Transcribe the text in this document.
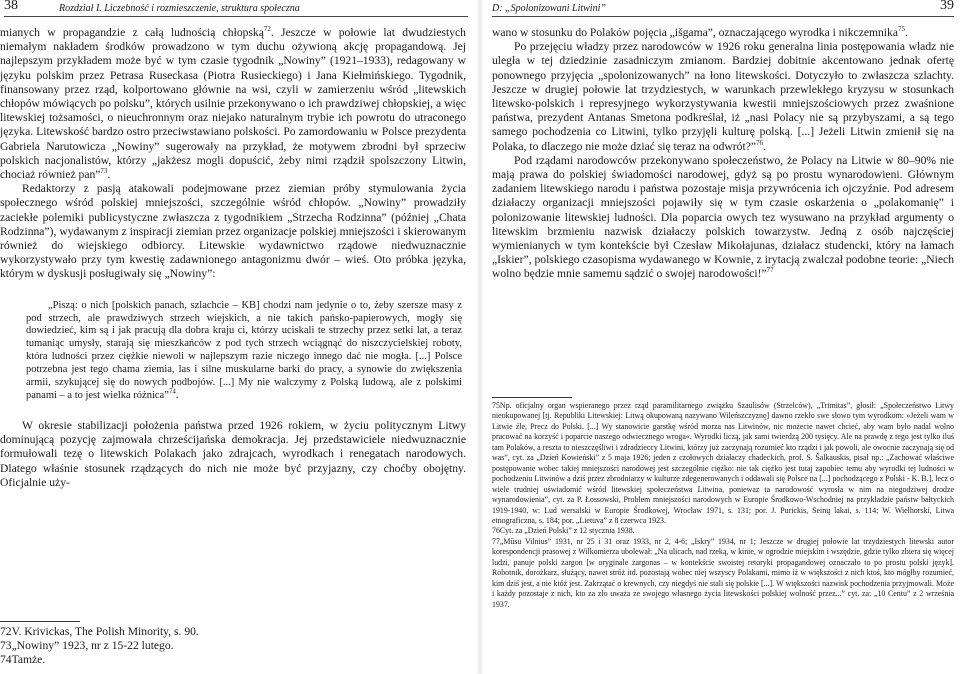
38	Rozdział I. Liczebność i rozmieszczenie, struktura społeczna

mianych w propagandzie z całą ludnością chłopską$^{72}$. Jeszcze w połowie lat dwudziestych niemałym nakładem środków prowadzono w tym duchu ożywioną akcję propagandową. Jej najlepszym przykładem może być w tym czasie tygodnik „Nowiny” (1921–1933), redagowany w języku polskim przez Petrasa Ruseckasa (Piotra Rusieckiego) i Jana Kiełmińskiego. Tygodnik, finansowany przez rząd, kolportowano głównie na wsi, czyli w zamierzeniu wśród „litewskich chłopów mówiących po polsku”, których usilnie przekonywano o ich prawdziwej chłopskiej, a więc litewskiej tożsamości, o nieuchronnym oraz niejako naturalnym trybie ich powrotu do utraconego języka. Litewskość bardzo ostro przeciwstawiano polskości. Po zamordowaniu w Polsce prezydenta Gabriela Narutowicza „Nowiny” sugerowały na przykład, że motywem zbrodni był sprzeciw polskich nacjonalistów, którzy „jakżesz mogli dopuścić, żeby nimi rządził spolszczony Litwin, chociaż również pan”$^{73}$.

Redaktorzy z pasją atakowali podejmowane przez ziemian próby stymulowania życia społecznego wśród polskiej mniejszości, szczególnie wśród chłopów. „Nowiny” prowadziły zaciekłe polemiki publicystyczne zwłaszcza z tygodnikiem „Strzecha Rodzinna” (później „Chata Rodzinna”), wydawanym z inspiracji ziemian przez organizacje polskiej mniejszości i skierowanym również do wiejskiego odbiorcy. Litewskie wydawnictwo rządowe niedwuznacznie wykorzystywało przy tym kwestię zadawnionego antagonizmu dwór – wieś. Oto próbka języka, którym w dyskusji posługiwały się „Nowiny”:

„Piszą: o nich [polskich panach, szlachcie – KB] chodzi nam jedynie o to, żeby szerszе masy z pod strzech, ale prawdziwych strzech wiejskich, a nie takich pańsko-papierowych, mogły się dowiedzieć, kim są i jak pracują dla dobra kraju ci, którzy uciskali te strzechy przez setki lat, a teraz tumaniąc umysły, starają się mieszkańców z pod tych strzech wciągnąć do niszczycielskiej roboty, która ludności przez ciężkie niewoli w najlepszym razie niczego innego dać nie mogła. [...] Polsce potrzebna jest tego chama ziemia, las i silne muskularne barki do pracy, a synowie do zwiększenia armii, szykującej się do nowych podbojów. [...] My nie walczymy z Polską ludową, ale z polskimi panami – a to jest wielka różnica”$^{74}$.

W okresie stabilizacji położenia państwa przed 1926 rokiem, w życiu politycznym Litwy dominującą pozycję zajmowała chrześcijańska demokracja. Jej przedstawiciele niedwuznacznie formułowali tezę o litewskich Polakach jako zdrajcach, wyrodkach i renegatach narodowych. Dlatego właśnie stosunek rządzących do nich nie może być przyjazny, czy choćby obojętny. Oficjalnie uży-

72V. Krivickas, The Polish Minority, s. 90.

73„Nowiny” 1923, nr z 15-22 lutego.

74Tamże.

D: „Spolonizowani Litwini”	39

wano w stosunku do Polaków pojęcia „išgama”, oznaczającego wyrodka i nikczemnika$^{75}$.

Po przejęciu władzy przez narodowców w 1926 roku generalna linia postępowania władz nie uległa w tej dziedzinie zasadniczym zmianom. Bardziej dobitnie akcentowano jednak ofertę ponownego przyjęcia „spolonizowanych” na łono litewskości. Dotyczyło to zwłaszcza szlachty. Jeszcze w drugiej połowie lat trzydziestych, w warunkach przewlekłego kryzysu w stosunkach litewsko-polskich i represyjnego wykorzystywania kwestii mniejszościowych przez zwaśnione państwa, prezydent Antanas Smetona podkreślał, iż „nasi Polacy nie są przybyszami, a są tego samego pochodzenia co Litwini, tylko przyjęli kulturę polską. [...] Jeżeli Litwin zmienił się na Polaka, to dlaczego nie może dziać się teraz na odwrót?”$^{76}$.

Pod rządami narodowców przekonywano społeczeństwo, że Polacy na Litwie w 80–90% nie mają prawa do polskiej świadomości narodowej, gdyż są po prostu wynarodowieni. Głównym zadaniem litewskiego narodu i państwa pozostaje misja przywrócenia ich ojczyźnie. Pod adresem działaczy organizacji mniejszości pojawiły się w tym czasie oskarżenia o „polakomanię” i polonizowanie litewskiej ludności. Dla poparcia owych tez wysuwano na przykład argumenty o litewskim brzmieniu nazwisk działaczy polskich towarzystw. Jedną z osób najczęściej wymienianych w tym kontekście był Czesław Mikołajunas, działacz studencki, który na łamach „Iskier”, polskiego czasopisma wydawanego w Kownie, z irytacją zwalczał podobne teorie: „Niech wolno będzie mnie samemu sądzić o swojej narodowości!”$^{77}$

75Np. oficjalny organ wspieranego przez rząd paramilitarnego związku Szaulisów (Strzelców), „Trimitas”, głosił: „Społeczeństwo Litwy nieokupowanej [tj. Republiki Litewskiej: Litwą okupowaną nazywano Wileńszczyznę] dawno rzekło swe słowo tym wyrodkom: »Jeżeli wam w Litwie źle, Precz do Polski. [...] Wy stanowicie garstkę wśród morza nas Litwinów, nic możecie nawet chcieć, aby wam było nadal wolno pracować na korzyść i poparcie naszego odwiecznego wroga«. Wyrodki liczą, jak sami twierdzą 200 tysięcy. Ale na prawdę z tego jest tylko iluś tam Polaków, a reszta to nieszczęśliwi i zdradzieccy Litwini, którzy już zaczynają rozumieć kto rządzi i jak powoli, ale owocnie zaczynają się od was”, cyt. za „Dzień Kowieński” z 5 maja 1926; jeden z czołowych działaczy chadeckich, prof. S. Šalkauskis, pisał np.: „Zachować właściwe postępowanie wobec takiej mniejszości narodowej jest szczególnie ciężko: nie tak ciężko jest tutaj zapobiec temu aby wyrodki tej ludności w pochodzeniu Litwinów a dziś przez zbrodniarzy w kulturze zdegenerowanych i oddawali się Polsce na [...] pochodzącego z Polski - K. B.], lecz o wiele trudniej uświadomić wśród litewskiej społeczeństwa Litwina, poniewaz ta narodowość wyrosła w nim na niegodziwej drodze wynarodowienia”, cyt. za P. Łossowski, Problem mniejszości narodowych w Europie Środkowo-Wschodniej na przykładzie państw bałtyckich 1919-1940, w: Lud wersalski w Europie Środkowej, Wrocław 1971, s. 131; por. J. Purickis, Seinų lakai, s. 114; W. Wielhorski, Litwa etnograficzna, s. 184; por. „Lietuva” z 8 czerwca 1923.

76Cyt. za „Dzień Polski” z 12 stycznia 1938.

77„Mūsu Vilnius” 1931, nr 25 i 31 oraz 1933, nr 2, 4-6; „Iskry” 1934, nr 1; Jeszcze w drugiej połowie lat trzydziestych litewski autor korespondencji prasowej z Wilkomierza ubolewał: „Na ulicach, nad rzeką, w kinie, w ogrodzie miejskim i wszędzie, gdzie tylko zbiera się więcej ludzi, panuje polski żargon [w oryginale żargonas – w kontekście swoistej retoryki propagandowej oznaczało to po prostu polski język]. Robotnik, dorożkarz, służący, nawet stróż itd. pozostają wobec niej wszyscy Polakami, mimo iż w większości z nich ktoś, kto mógłby rozumieć, kim dziś jest, a nie któż jest. Zakrzątać o krewnych, czy niegdyś nie stali się polskie [...]. W większości nazwisk pochodzenia przyjmowali. Może i każdy pozostaje z nich, kto za zło uważa ze swojego własnego życia litewskości polskiej wolność przez...” cyt. za: „10 Centu” z 2 września 1937.
